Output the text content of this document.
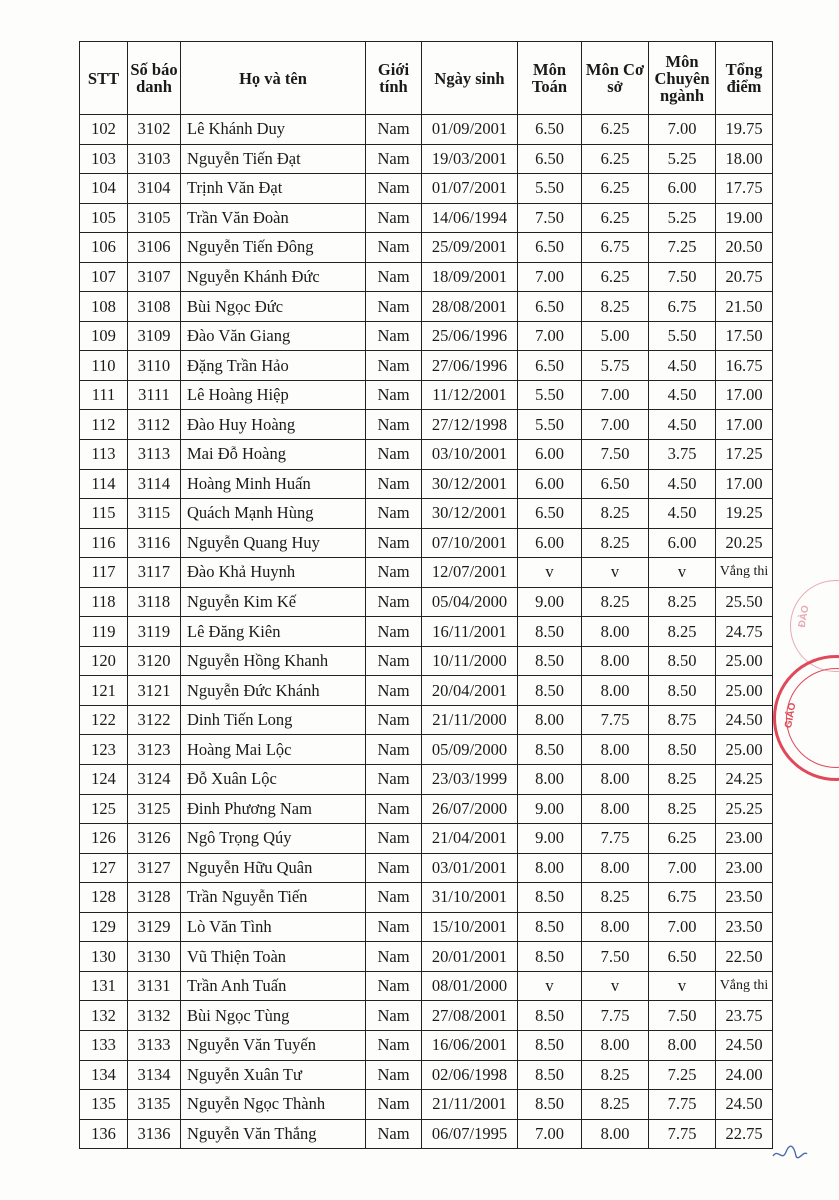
STT	Số báo danh	Họ và tên	Giới tính	Ngày sinh	Môn Toán	Môn Cơ sở	Môn Chuyên ngành	Tổng điểm
102	3102	Lê Khánh Duy	Nam	01/09/2001	6.50	6.25	7.00	19.75
103	3103	Nguyễn Tiến Đạt	Nam	19/03/2001	6.50	6.25	5.25	18.00
104	3104	Trịnh Văn Đạt	Nam	01/07/2001	5.50	6.25	6.00	17.75
105	3105	Trần Văn Đoàn	Nam	14/06/1994	7.50	6.25	5.25	19.00
106	3106	Nguyễn Tiến Đông	Nam	25/09/2001	6.50	6.75	7.25	20.50
107	3107	Nguyễn Khánh Đức	Nam	18/09/2001	7.00	6.25	7.50	20.75
108	3108	Bùi Ngọc Đức	Nam	28/08/2001	6.50	8.25	6.75	21.50
109	3109	Đào Văn Giang	Nam	25/06/1996	7.00	5.00	5.50	17.50
110	3110	Đặng Trần Hảo	Nam	27/06/1996	6.50	5.75	4.50	16.75
111	3111	Lê Hoàng Hiệp	Nam	11/12/2001	5.50	7.00	4.50	17.00
112	3112	Đào Huy Hoàng	Nam	27/12/1998	5.50	7.00	4.50	17.00
113	3113	Mai Đỗ Hoàng	Nam	03/10/2001	6.00	7.50	3.75	17.25
114	3114	Hoàng Minh Huấn	Nam	30/12/2001	6.00	6.50	4.50	17.00
115	3115	Quách Mạnh Hùng	Nam	30/12/2001	6.50	8.25	4.50	19.25
116	3116	Nguyễn Quang Huy	Nam	07/10/2001	6.00	8.25	6.00	20.25
117	3117	Đào Khả Huynh	Nam	12/07/2001	v	v	v	Vắng thi
118	3118	Nguyễn Kim Kế	Nam	05/04/2000	9.00	8.25	8.25	25.50
119	3119	Lê Đăng Kiên	Nam	16/11/2001	8.50	8.00	8.25	24.75
120	3120	Nguyễn Hồng Khanh	Nam	10/11/2000	8.50	8.00	8.50	25.00
121	3121	Nguyễn Đức Khánh	Nam	20/04/2001	8.50	8.00	8.50	25.00
122	3122	Dinh Tiến Long	Nam	21/11/2000	8.00	7.75	8.75	24.50
123	3123	Hoàng Mai Lộc	Nam	05/09/2000	8.50	8.00	8.50	25.00
124	3124	Đỗ Xuân Lộc	Nam	23/03/1999	8.00	8.00	8.25	24.25
125	3125	Đinh Phương Nam	Nam	26/07/2000	9.00	8.00	8.25	25.25
126	3126	Ngô Trọng Qúy	Nam	21/04/2001	9.00	7.75	6.25	23.00
127	3127	Nguyễn Hữu Quân	Nam	03/01/2001	8.00	8.00	7.00	23.00
128	3128	Trần Nguyễn Tiến	Nam	31/10/2001	8.50	8.25	6.75	23.50
129	3129	Lò Văn Tình	Nam	15/10/2001	8.50	8.00	7.00	23.50
130	3130	Vũ Thiện Toàn	Nam	20/01/2001	8.50	7.50	6.50	22.50
131	3131	Trần Anh Tuấn	Nam	08/01/2000	v	v	v	Vắng thi
132	3132	Bùi Ngọc Tùng	Nam	27/08/2001	8.50	7.75	7.50	23.75
133	3133	Nguyễn Văn Tuyến	Nam	16/06/2001	8.50	8.00	8.00	24.50
134	3134	Nguyễn Xuân Tư	Nam	02/06/1998	8.50	8.25	7.25	24.00
135	3135	Nguyễn Ngọc Thành	Nam	21/11/2001	8.50	8.25	7.75	24.50
136	3136	Nguyễn Văn Thắng	Nam	06/07/1995	7.00	8.00	7.75	22.75
ĐÀO
GIÁO
